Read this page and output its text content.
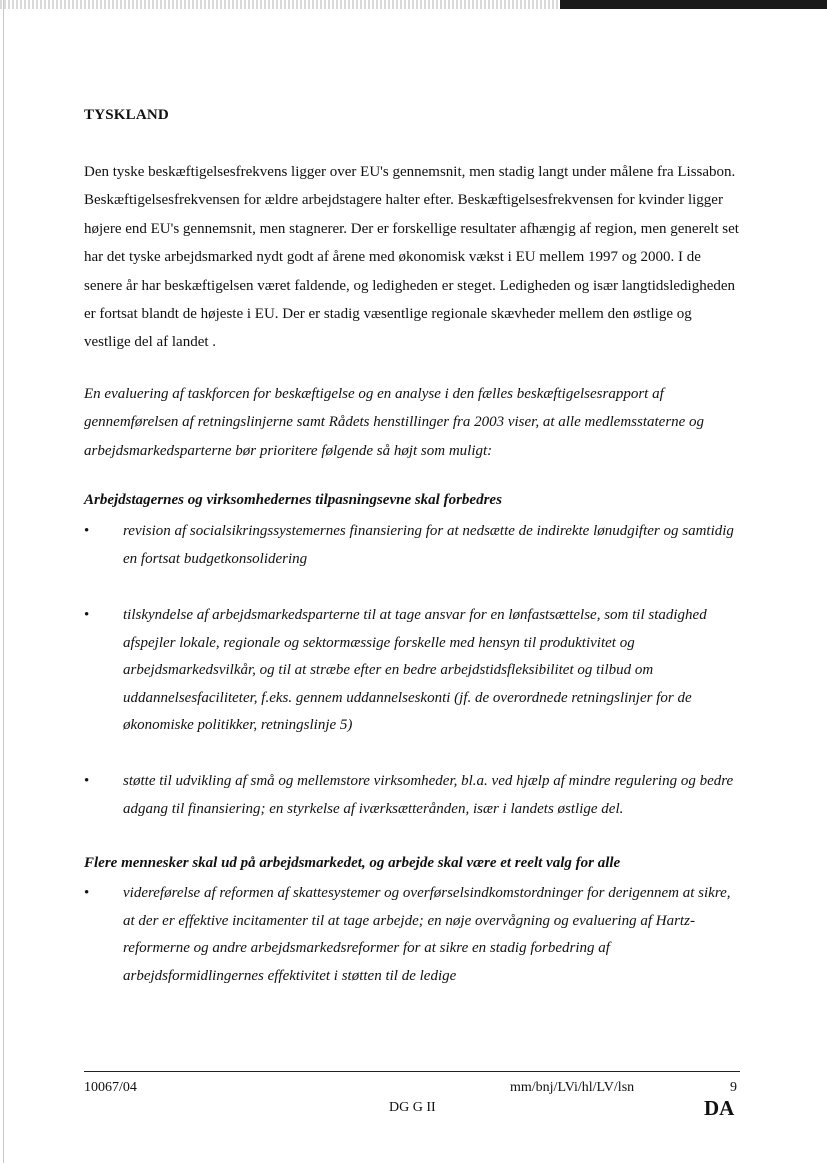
TYSKLAND

Den tyske beskæftigelsesfrekvens ligger over EU's gennemsnit, men stadig langt under målene fra Lissabon. Beskæftigelsesfrekvensen for ældre arbejdstagere halter efter. Beskæftigelsesfrekvensen for kvinder ligger højere end EU's gennemsnit, men stagnerer. Der er forskellige resultater afhængig af region, men generelt set har det tyske arbejdsmarked nydt godt af årene med økonomisk vækst i EU mellem 1997 og 2000. I de senere år har beskæftigelsen været faldende, og ledigheden er steget. Ledigheden og især langtidsledigheden er fortsat blandt de højeste i EU. Der er stadig væsentlige regionale skævheder mellem den østlige og vestlige del af landet .

En evaluering af taskforcen for beskæftigelse og en analyse i den fælles beskæftigelsesrapport af gennemførelsen af retningslinjerne samt Rådets henstillinger fra 2003 viser, at alle medlemsstaterne og arbejdsmarkedsparterne bør prioritere følgende så højt som muligt:

Arbejdstagernes og virksomhedernes tilpasningsevne skal forbedres

• revision af socialsikringssystemernes finansiering for at nedsætte de indirekte lønudgifter og samtidig en fortsat budgetkonsolidering
• tilskyndelse af arbejdsmarkedsparterne til at tage ansvar for en lønfastsættelse, som til stadighed afspejler lokale, regionale og sektormæssige forskelle med hensyn til produktivitet og arbejdsmarkedsvilkår, og til at stræbe efter en bedre arbejdstidsfleksibilitet og tilbud om uddannelsesfaciliteter, f.eks. gennem uddannelseskonti (jf. de overordnede retningslinjer for de økonomiske politikker, retningslinje 5)
• støtte til udvikling af små og mellemstore virksomheder, bl.a. ved hjælp af mindre regulering og bedre adgang til finansiering; en styrkelse af iværksætterånden, især i landets østlige del.

Flere mennesker skal ud på arbejdsmarkedet, og arbejde skal være et reelt valg for alle

• videreførelse af reformen af skattesystemer og overførselsindkomstordninger for derigennem at sikre, at der er effektive incitamenter til at tage arbejde; en nøje overvågning og evaluering af Hartz-reformerne og andre arbejdsmarkedsreformer for at sikre en stadig forbedring af arbejdsformidlingernes effektivitet i støtten til de ledige
10067/04	mm/bnj/LVi/hl/LV/lsn	9
DG G II	DA
